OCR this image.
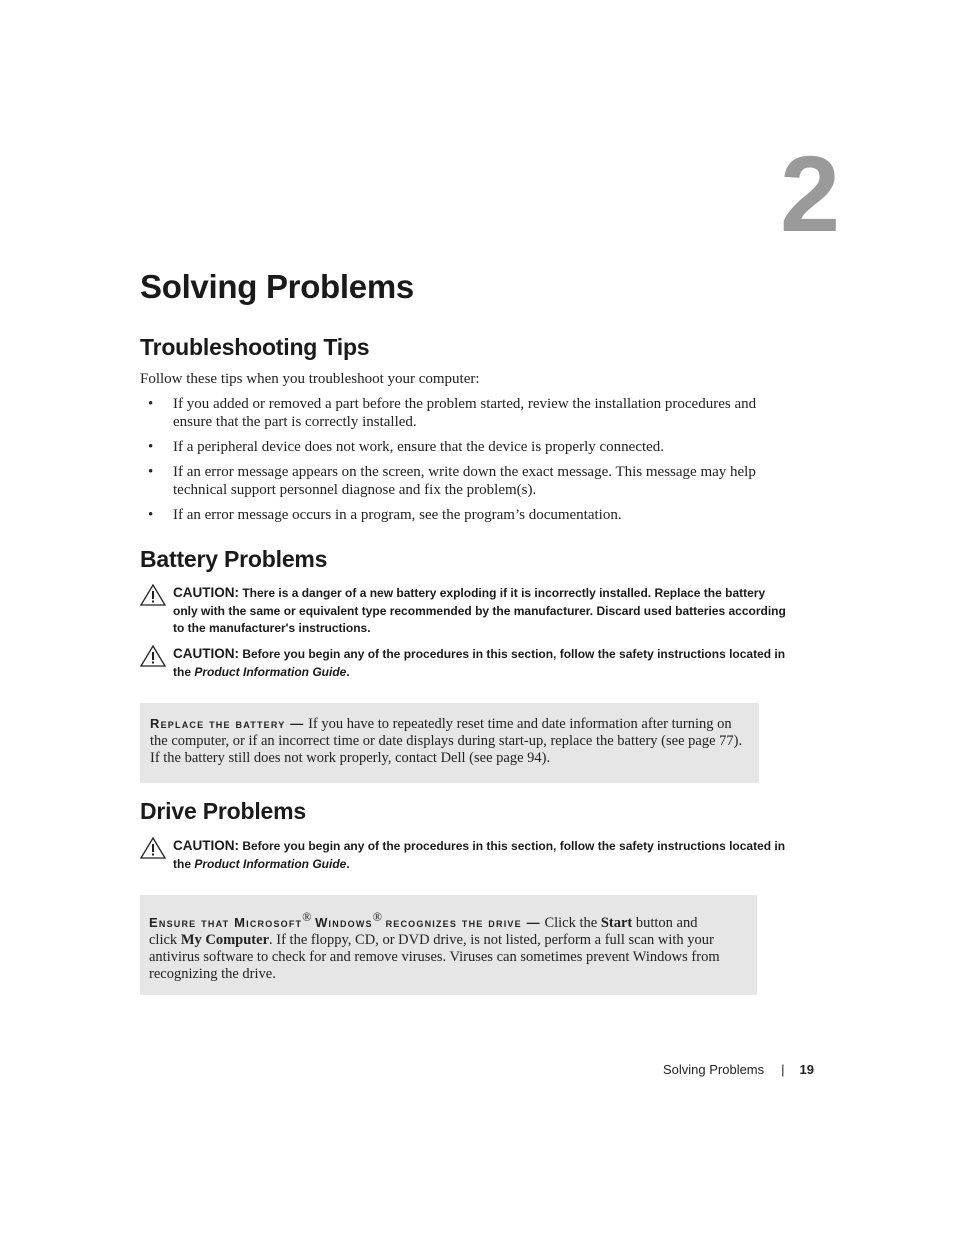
2
Solving Problems
Troubleshooting Tips

Follow these tips when you troubleshoot your computer:

• If you added or removed a part before the problem started, review the installation procedures and ensure that the part is correctly installed.
• If a peripheral device does not work, ensure that the device is properly connected.
• If an error message appears on the screen, write down the exact message. This message may help technical support personnel diagnose and fix the problem(s).
• If an error message occurs in a program, see the program’s documentation.
Battery Problems
CAUTION: There is a danger of a new battery exploding if it is incorrectly installed. Replace the battery only with the same or equivalent type recommended by the manufacturer. Discard used batteries according to the manufacturer's instructions.
CAUTION: Before you begin any of the procedures in this section, follow the safety instructions located in the Product Information Guide.
Replace the battery — If you have to repeatedly reset time and date information after turning on the computer, or if an incorrect time or date displays during start-up, replace the battery (see page 77). If the battery still does not work properly, contact Dell (see page 94).
Drive Problems
CAUTION: Before you begin any of the procedures in this section, follow the safety instructions located in the Product Information Guide.
Ensure that Microsoft® Windows® recognizes the drive — Click the Start button and click My Computer. If the floppy, CD, or DVD drive, is not listed, perform a full scan with your antivirus software to check for and remove viruses. Viruses can sometimes prevent Windows from recognizing the drive.
Solving Problems | 19
